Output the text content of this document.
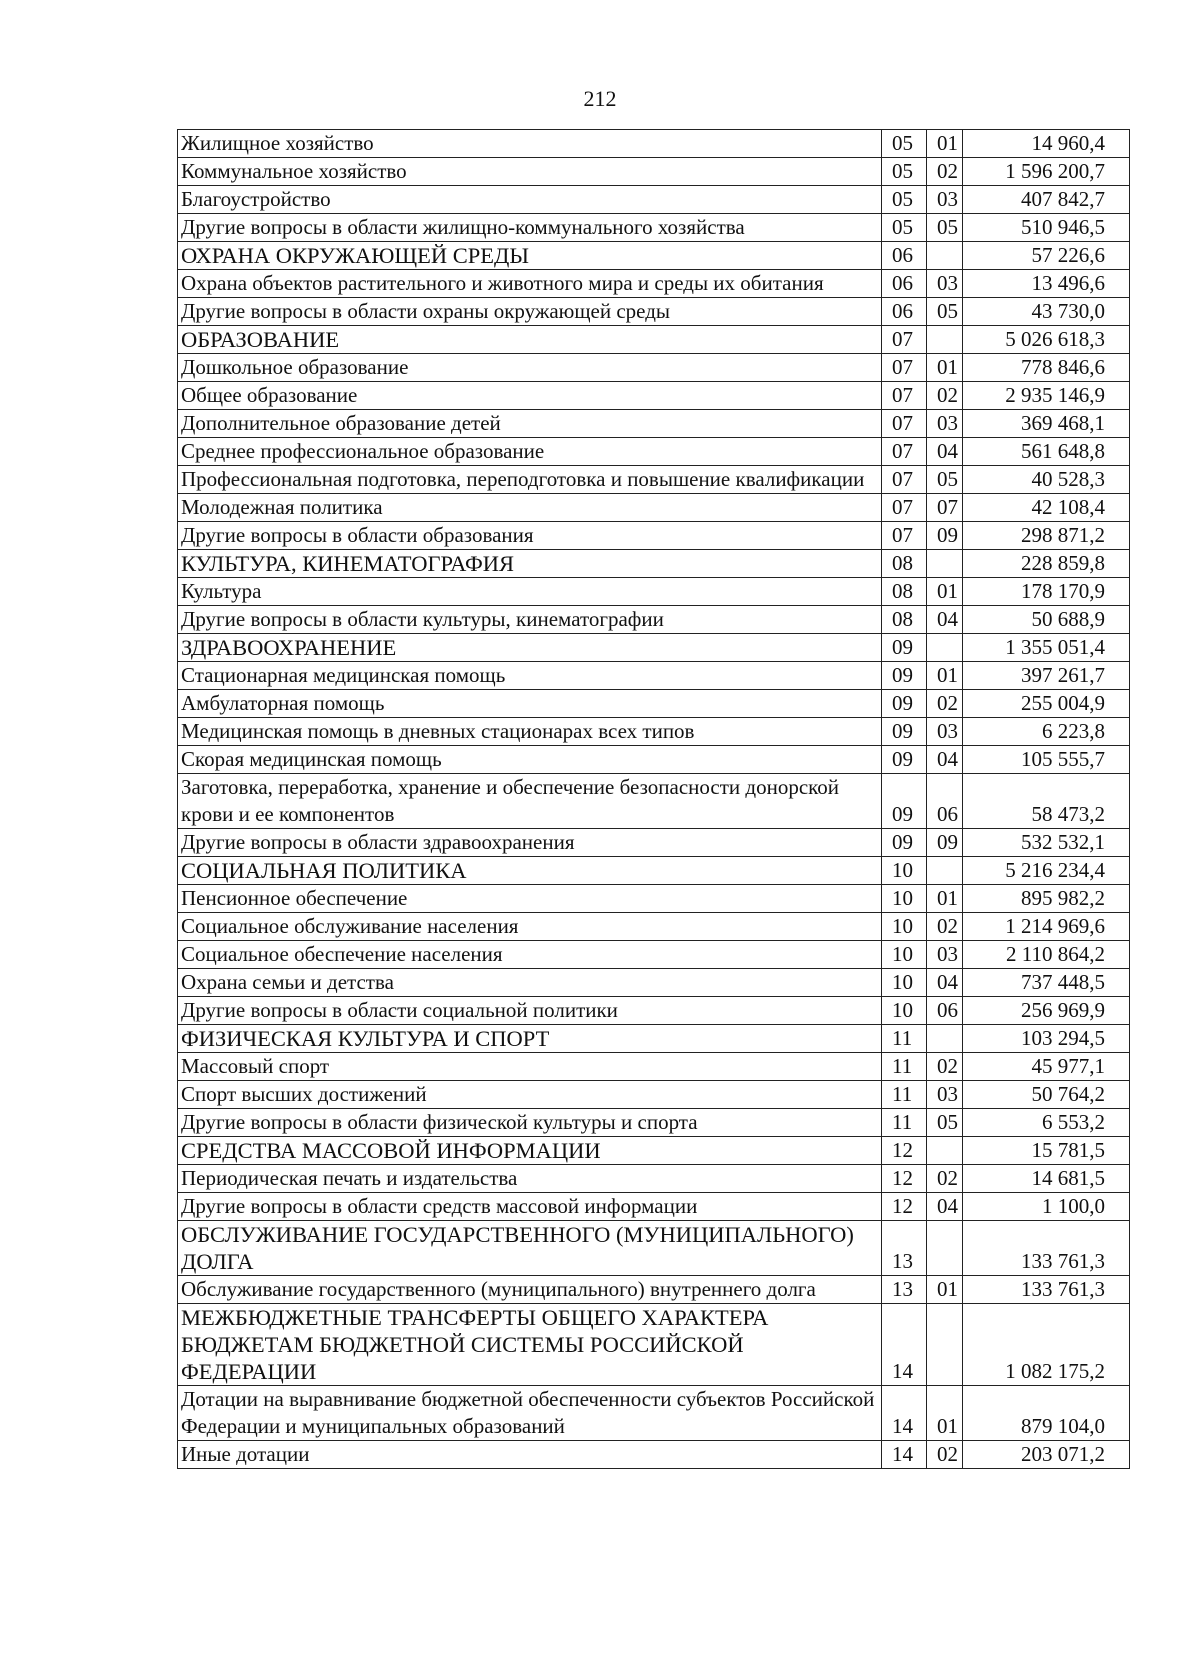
212
Жилищное хозяйство	05	01	14 960,4
Коммунальное хозяйство	05	02	1 596 200,7
Благоустройство	05	03	407 842,7
Другие вопросы в области жилищно-коммунального хозяйства	05	05	510 946,5
ОХРАНА ОКРУЖАЮЩЕЙ СРЕДЫ	06		57 226,6
Охрана объектов растительного и животного мира и среды их обитания	06	03	13 496,6
Другие вопросы в области охраны окружающей среды	06	05	43 730,0
ОБРАЗОВАНИЕ	07		5 026 618,3
Дошкольное образование	07	01	778 846,6
Общее образование	07	02	2 935 146,9
Дополнительное образование детей	07	03	369 468,1
Среднее профессиональное образование	07	04	561 648,8
Профессиональная подготовка, переподготовка и повышение квалификации	07	05	40 528,3
Молодежная политика	07	07	42 108,4
Другие вопросы в области образования	07	09	298 871,2
КУЛЬТУРА, КИНЕМАТОГРАФИЯ	08		228 859,8
Культура	08	01	178 170,9
Другие вопросы в области культуры, кинематографии	08	04	50 688,9
ЗДРАВООХРАНЕНИЕ	09		1 355 051,4
Стационарная медицинская помощь	09	01	397 261,7
Амбулаторная помощь	09	02	255 004,9
Медицинская помощь в дневных стационарах всех типов	09	03	6 223,8
Скорая медицинская помощь	09	04	105 555,7
Заготовка, переработка, хранение и обеспечение безопасности донорской крови и ее компонентов	09	06	58 473,2
Другие вопросы в области здравоохранения	09	09	532 532,1
СОЦИАЛЬНАЯ ПОЛИТИКА	10		5 216 234,4
Пенсионное обеспечение	10	01	895 982,2
Социальное обслуживание населения	10	02	1 214 969,6
Социальное обеспечение населения	10	03	2 110 864,2
Охрана семьи и детства	10	04	737 448,5
Другие вопросы в области социальной политики	10	06	256 969,9
ФИЗИЧЕСКАЯ КУЛЬТУРА И СПОРТ	11		103 294,5
Массовый спорт	11	02	45 977,1
Спорт высших достижений	11	03	50 764,2
Другие вопросы в области физической культуры и спорта	11	05	6 553,2
СРЕДСТВА МАССОВОЙ ИНФОРМАЦИИ	12		15 781,5
Периодическая печать и издательства	12	02	14 681,5
Другие вопросы в области средств массовой информации	12	04	1 100,0
ОБСЛУЖИВАНИЕ ГОСУДАРСТВЕННОГО (МУНИЦИПАЛЬНОГО) ДОЛГА	13		133 761,3
Обслуживание государственного (муниципального) внутреннего долга	13	01	133 761,3
МЕЖБЮДЖЕТНЫЕ ТРАНСФЕРТЫ ОБЩЕГО ХАРАКТЕРА БЮДЖЕТАМ БЮДЖЕТНОЙ СИСТЕМЫ РОССИЙСКОЙ ФЕДЕРАЦИИ	14		1 082 175,2
Дотации на выравнивание бюджетной обеспеченности субъектов Российской Федерации и муниципальных образований	14	01	879 104,0
Иные дотации	14	02	203 071,2
